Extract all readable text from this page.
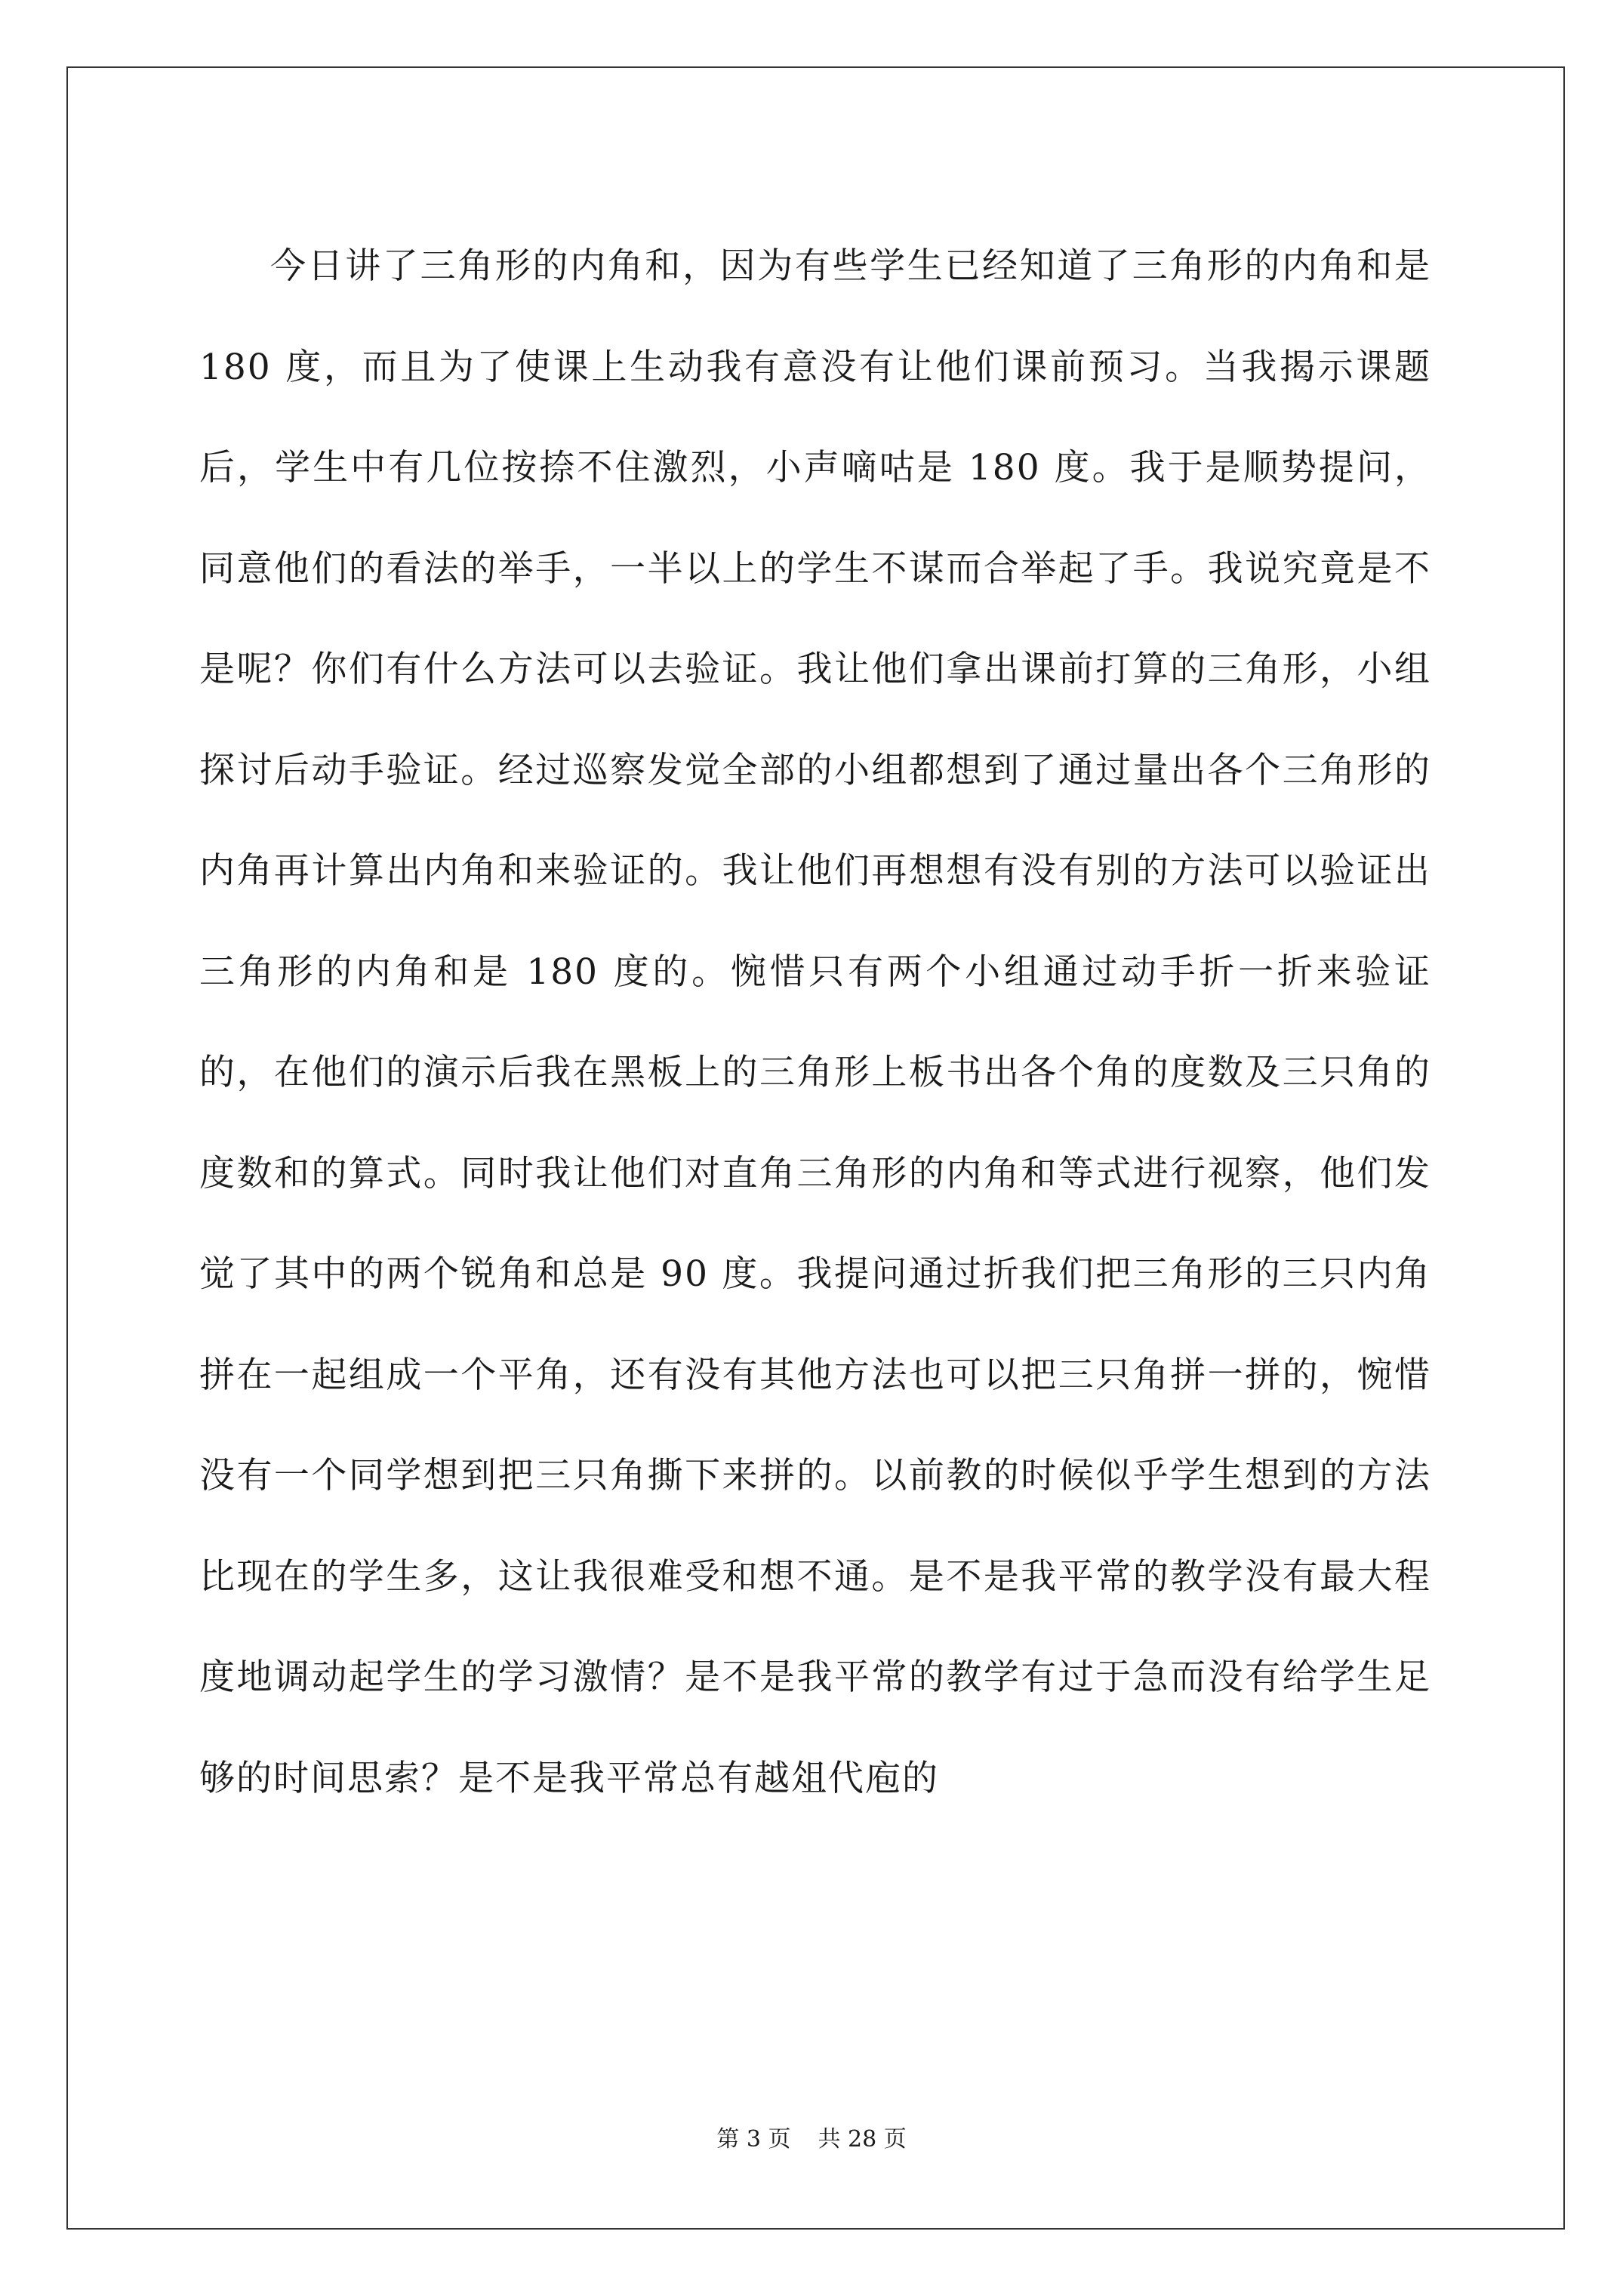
今日讲了三角形的内角和，因为有些学生已经知道了三角形的内角和是 180 度，而且为了使课上生动我有意没有让他们课前预习。当我揭示课题后，学生中有几位按捺不住激烈，小声嘀咕是 180 度。我于是顺势提问，同意他们的看法的举手，一半以上的学生不谋而合举起了手。我说究竟是不是呢？你们有什么方法可以去验证。我让他们拿出课前打算的三角形，小组探讨后动手验证。经过巡察发觉全部的小组都想到了通过量出各个三角形的内角再计算出内角和来验证的。我让他们再想想有没有别的方法可以验证出三角形的内角和是 180 度的。惋惜只有两个小组通过动手折一折来验证的，在他们的演示后我在黑板上的三角形上板书出各个角的度数及三只角的度数和的算式。同时我让他们对直角三角形的内角和等式进行视察，他们发觉了其中的两个锐角和总是 90 度。我提问通过折我们把三角形的三只内角拼在一起组成一个平角，还有没有其他方法也可以把三只角拼一拼的，惋惜没有一个同学想到把三只角撕下来拼的。以前教的时候似乎学生想到的方法比现在的学生多，这让我很难受和想不通。是不是我平常的教学没有最大程度地调动起学生的学习激情？是不是我平常的教学有过于急而没有给学生足够的时间思索？是不是我平常总有越俎代庖的

第 3 页 共 28 页
